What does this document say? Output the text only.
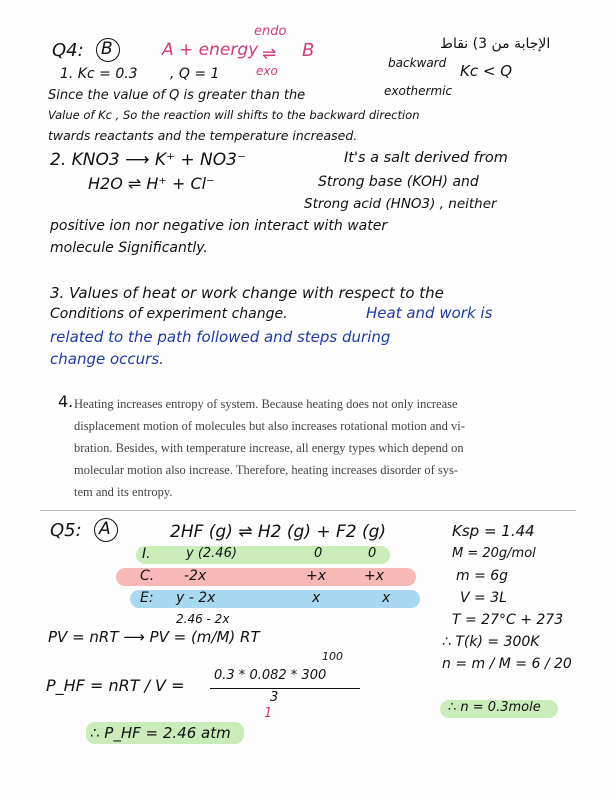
Q4: B	A + energy
endo
⇌
exo
B	الإجابة من 3) نقاط
backward Kc < Q
exothermic
1. Kc = 0.3 , Q = 1
Since the value of Q is greater than the
Value of Kc , So the reaction will shifts to the backward direction
twards reactants and the temperature increased.
2. KNO3 ⟶ K⁺ + NO3⁻	It's a salt derived from
H2O ⇌ H⁺ + Cl⁻	Strong base (KOH) and
Strong acid (HNO3) , neither
positive ion nor negative ion interact with water
molecule Significantly.
3. Values of heat or work change with respect to the
Conditions of experiment change.	Heat and work is
related to the path followed and steps during
change occurs.
4. Heating increases entropy of system. Because heating does not only increase
displacement motion of molecules but also increases rotational motion and vi-
bration. Besides, with temperature increase, all energy types which depend on
molecular motion also increase. Therefore, heating increases disorder of sys-
tem and its entropy.
Q5: A	2HF (g) ⇌ H2 (g) + F2 (g)
I.	y (2.46)	0	0
C. -2x	+x	+x
E: y - 2x	x	x
2.46 - 2x
Ksp = 1.44
M = 20g/mol
m = 6g
V = 3L
T = 27°C + 273
∴ T(k) = 300K
n = m / M = 6 / 20
∴ n = 0.3mole
PV = nRT ⟶ PV = (m/M) RT
100
P_HF = nRT / V =
0.3 * 0.082 * 300
3
1
∴ P_HF = 2.46 atm
